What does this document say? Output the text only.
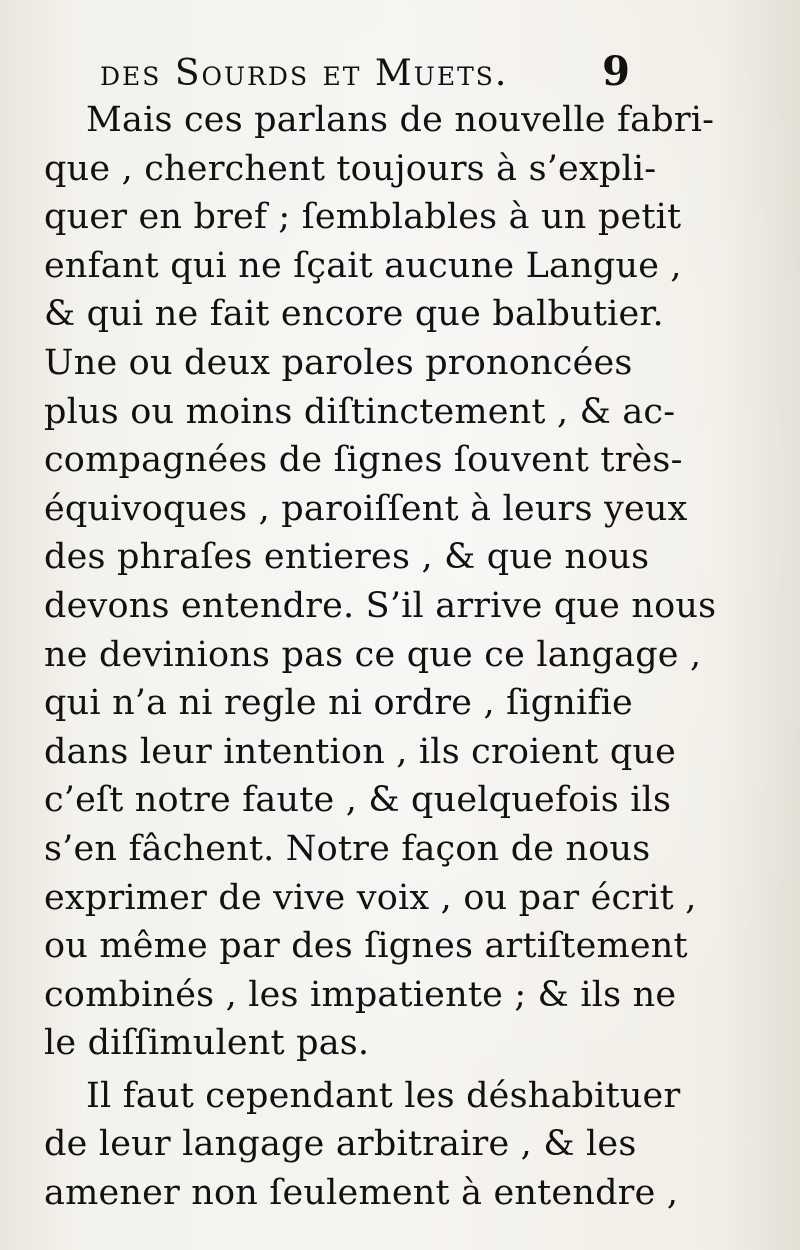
des Sourds et Muets. 9
Mais ces parlans de nouvelle fabri-
que , cherchent toujours à s’expli-
quer en bref ; ſemblables à un petit
enfant qui ne ſçait aucune Langue ,
& qui ne fait encore que balbutier.
Une ou deux paroles prononcées
plus ou moins diſtinctement , & ac-
compagnées de ſignes ſouvent très-
équivoques , paroiſſent à leurs yeux
des phraſes entieres , & que nous
devons entendre. S’il arrive que nous
ne devinions pas ce que ce langage ,
qui n’a ni regle ni ordre , ſignifie
dans leur intention , ils croient que
c’eſt notre faute , & quelquefois ils
s’en fâchent. Notre façon de nous
exprimer de vive voix , ou par écrit ,
ou même par des ſignes artiſtement
combinés , les impatiente ; & ils ne
le diſſimulent pas.
Il faut cependant les déshabituer
de leur langage arbitraire , & les
amener non ſeulement à entendre ,
